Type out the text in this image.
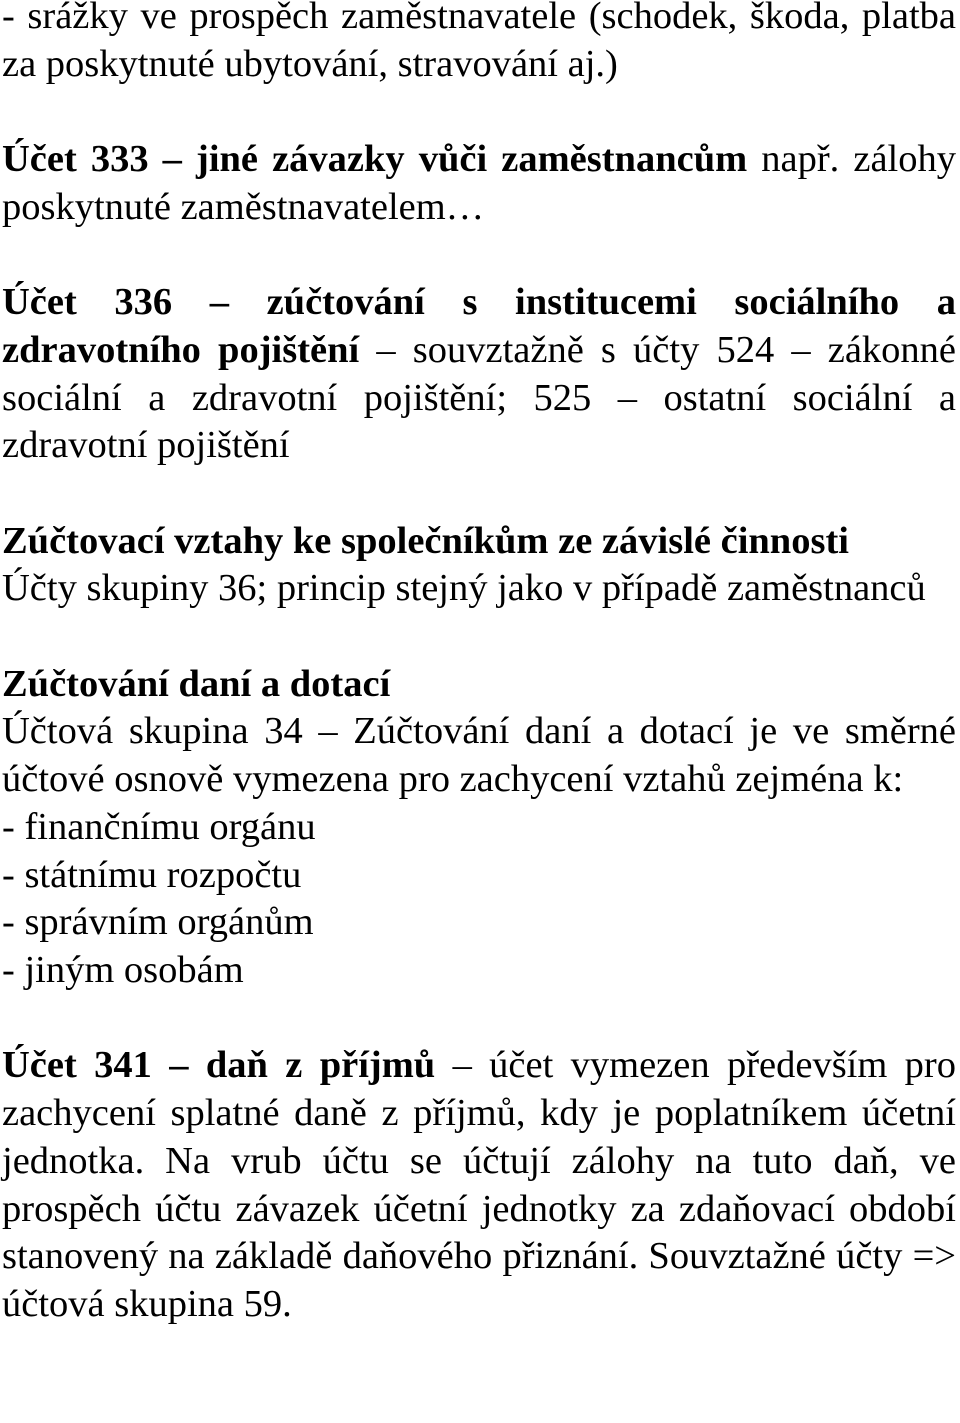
- srážky ve prospěch zaměstnavatele (schodek, škoda, platba za poskytnuté ubytování, stravování aj.)

Účet 333 – jiné závazky vůči zaměstnancům např. zálohy poskytnuté zaměstnavatelem…

Účet 336 – zúčtování s institucemi sociálního a zdravotního pojištění – souvztažně s účty 524 – zákonné sociální a zdravotní pojištění; 525 – ostatní sociální a zdravotní pojištění

Zúčtovací vztahy ke společníkům ze závislé činnosti

Účty skupiny 36; princip stejný jako v případě zaměstnanců

Zúčtování daní a dotací

Účtová skupina 34 – Zúčtování daní a dotací je ve směrné účtové osnově vymezena pro zachycení vztahů zejména k:

- finančnímu orgánu

- státnímu rozpočtu

- správním orgánům

- jiným osobám

Účet 341 – daň z příjmů – účet vymezen především pro zachycení splatné daně z příjmů, kdy je poplatníkem účetní jednotka. Na vrub účtu se účtují zálohy na tuto daň, ve prospěch účtu závazek účetní jednotky za zdaňovací období stanovený na základě daňového přiznání. Souvztažné účty => účtová skupina 59.
